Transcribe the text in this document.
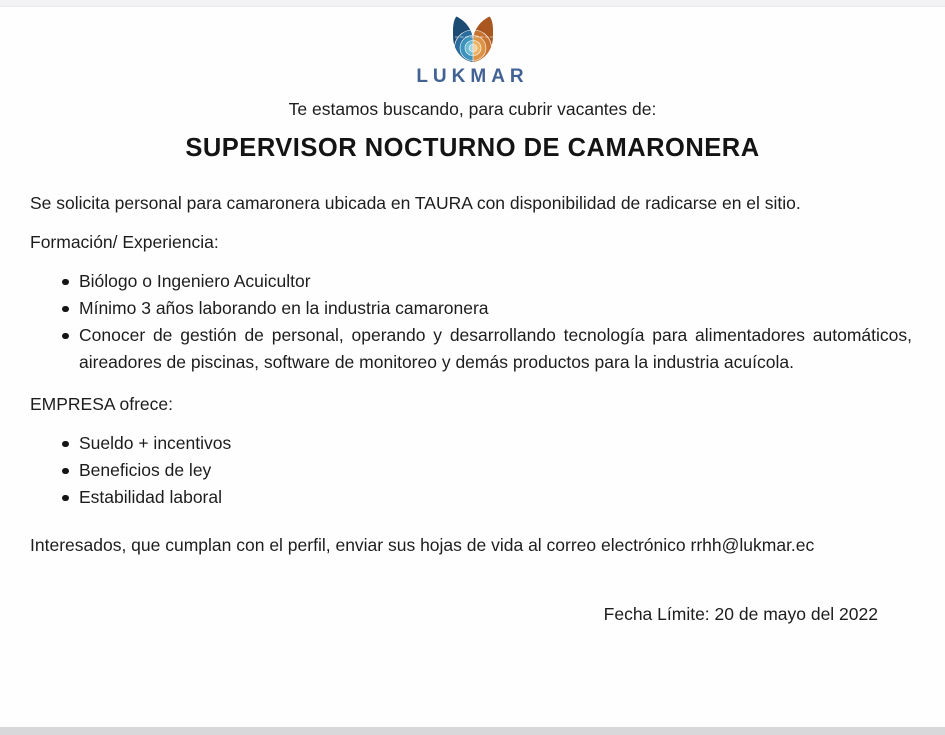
LUKMAR
Te estamos buscando, para cubrir vacantes de:
SUPERVISOR NOCTURNO DE CAMARONERA
Se solicita personal para camaronera ubicada en TAURA con disponibilidad de radicarse en el sitio.
Formación/ Experiencia:
Biólogo o Ingeniero Acuicultor
Mínimo 3 años laborando en la industria camaronera
Conocer de gestión de personal, operando y desarrollando tecnología para alimentadores automáticos, aireadores de piscinas, software de monitoreo y demás productos para la industria acuícola.
EMPRESA ofrece:
Sueldo + incentivos
Beneficios de ley
Estabilidad laboral
Interesados, que cumplan con el perfil, enviar sus hojas de vida al correo electrónico rrhh@lukmar.ec
Fecha Límite: 20 de mayo del 2022
